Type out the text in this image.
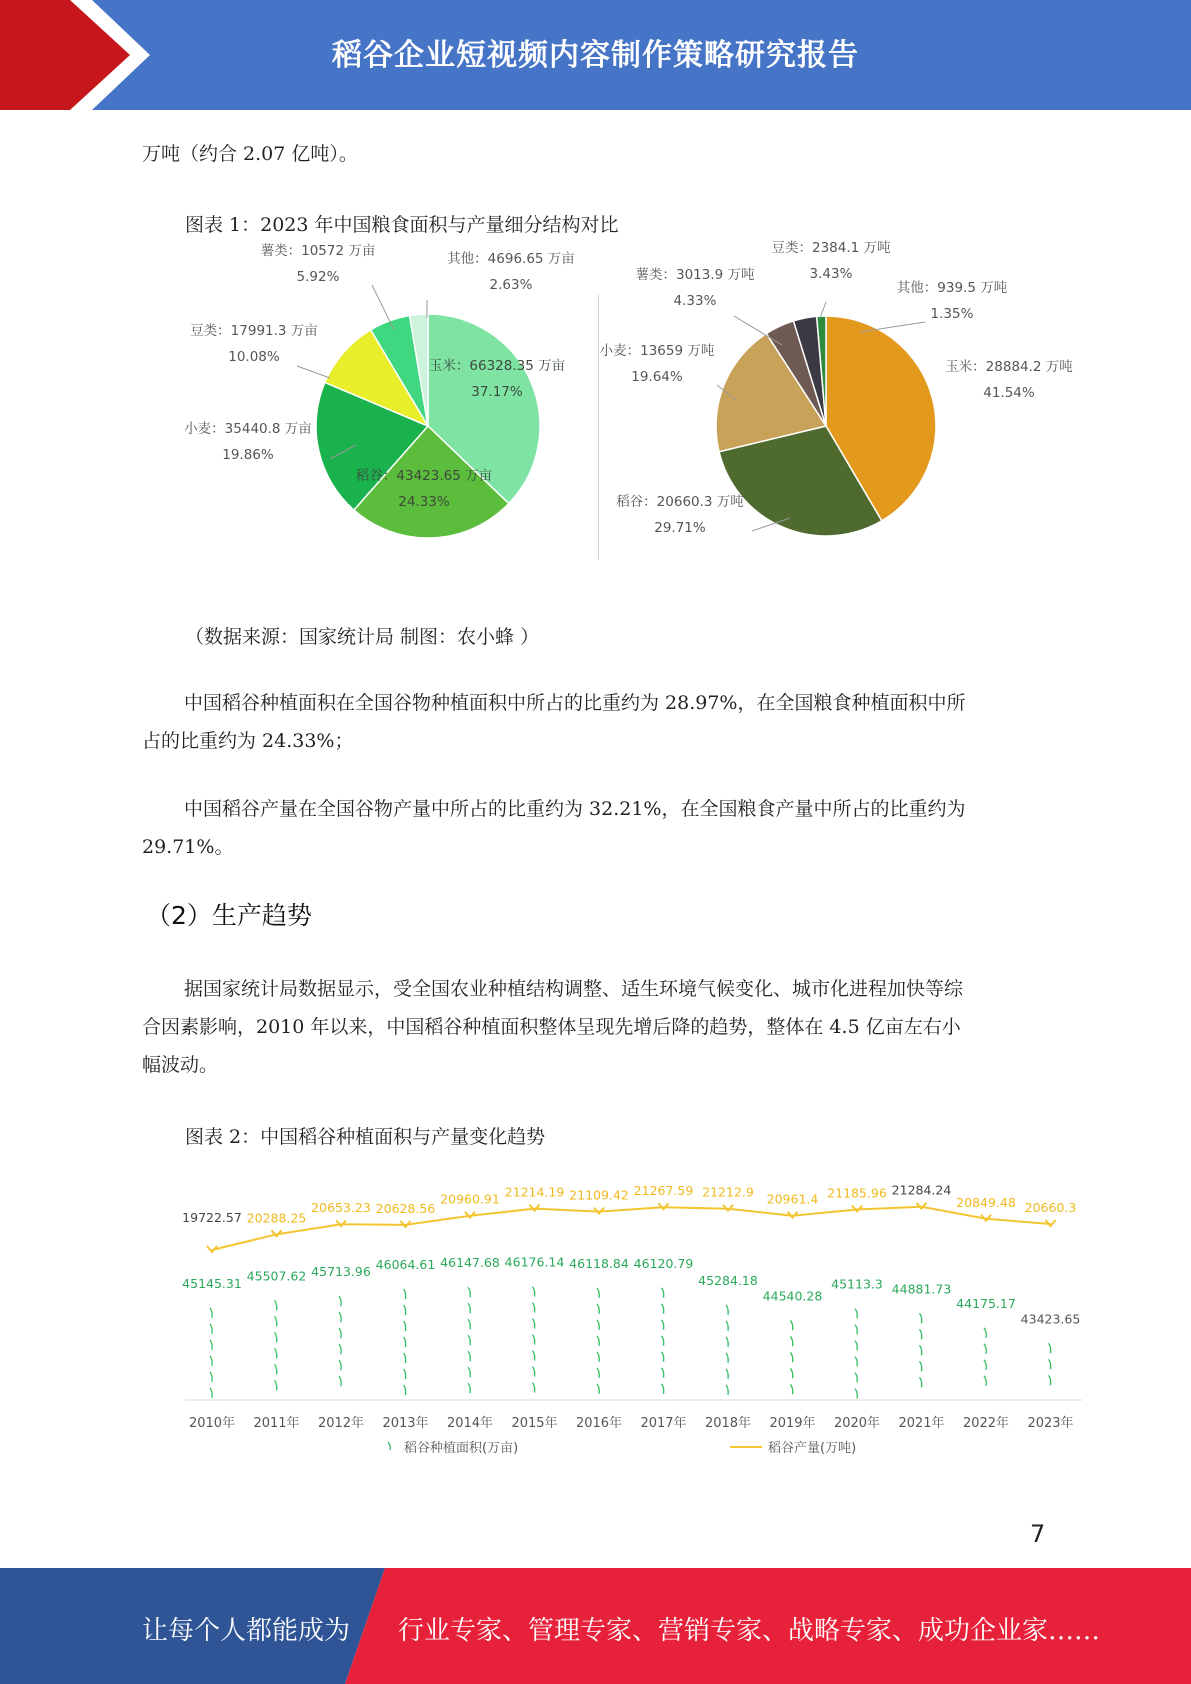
稻谷企业短视频内容制作策略研究报告
万吨（约合 2.07 亿吨）。
图表 1：2023 年中国粮食面积与产量细分结构对比
玉米：66328.35 万亩
37.17%
稻谷：43423.65 万亩
24.33%
小麦：35440.8 万亩
19.86%
豆类：17991.3 万亩
10.08%
薯类：10572 万亩
5.92%
其他：4696.65 万亩
2.63%
玉米：28884.2 万吨
41.54%
稻谷：20660.3 万吨
29.71%
小麦：13659 万吨
19.64%
薯类：3013.9 万吨
4.33%
豆类：2384.1 万吨
3.43%
其他：939.5 万吨
1.35%
（数据来源：国家统计局 制图：农小蜂 ）
中国稻谷种植面积在全国谷物种植面积中所占的比重约为 28.97%，在全国粮食种植面积中所
占的比重约为 24.33%；
中国稻谷产量在全国谷物产量中所占的比重约为 32.21%，在全国粮食产量中所占的比重约为
29.71%。
（2）生产趋势
据国家统计局数据显示，受全国农业种植结构调整、适生环境气候变化、城市化进程加快等综
合因素影响，2010 年以来，中国稻谷种植面积整体呈现先增后降的趋势，整体在 4.5 亿亩左右小
幅波动。
图表 2：中国稻谷种植面积与产量变化趋势
45145.31 45507.62 45713.96 46064.61 46147.68 46176.14 46118.84 46120.79
45284.18
44540.28
45113.3 44881.73
44175.17
43423.65
19722.57 20288.25
20653.23 20628.56
20960.91 21214.19 21109.42 21267.59 21212.9 20961.4 21185.96 21284.24
20849.48 20660.3
2010年 2011年 2012年 2013年 2014年 2015年 2016年 2017年 2018年 2019年 2020年 2021年 2022年 2023年
稻谷种植面积(万亩)	稻谷产量(万吨)
7
让每个人都能成为 行业专家、管理专家、营销专家、战略专家、成功企业家……
